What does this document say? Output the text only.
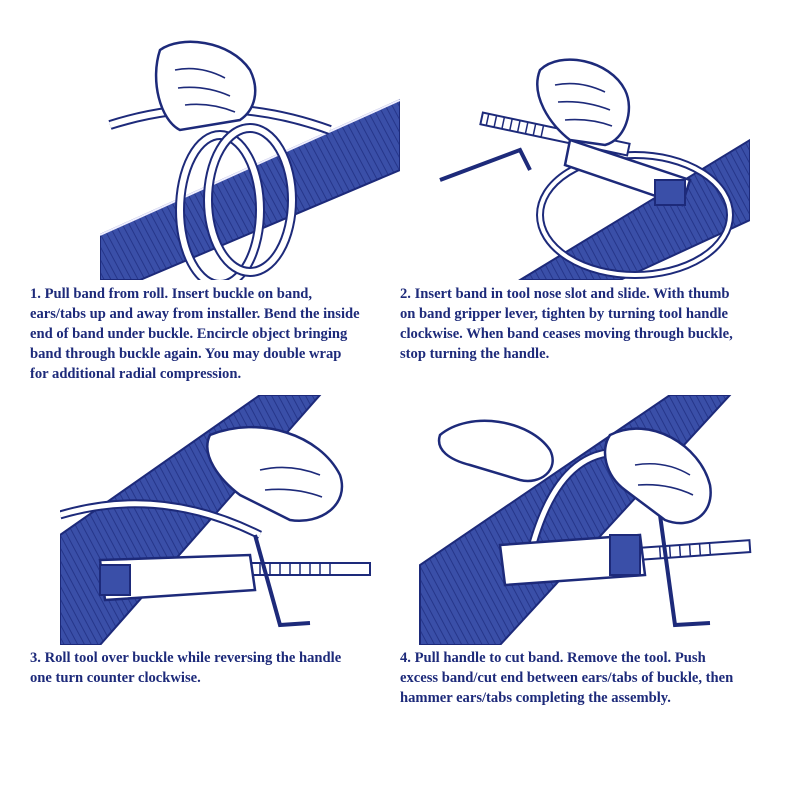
1. Pull band from roll. Insert buckle on band,
ears/tabs up and away from installer. Bend the inside
end of band under buckle. Encircle object bringing
band through buckle again. You may double wrap
for additional radial compression.

2. Insert band in tool nose slot and slide. With thumb
on band gripper lever, tighten by turning tool handle
clockwise. When band ceases moving through buckle,
stop turning the handle.

3. Roll tool over buckle while reversing the handle
one turn counter clockwise.

4. Pull handle to cut band. Remove the tool. Push
excess band/cut end between ears/tabs of buckle, then
hammer ears/tabs completing the assembly.
